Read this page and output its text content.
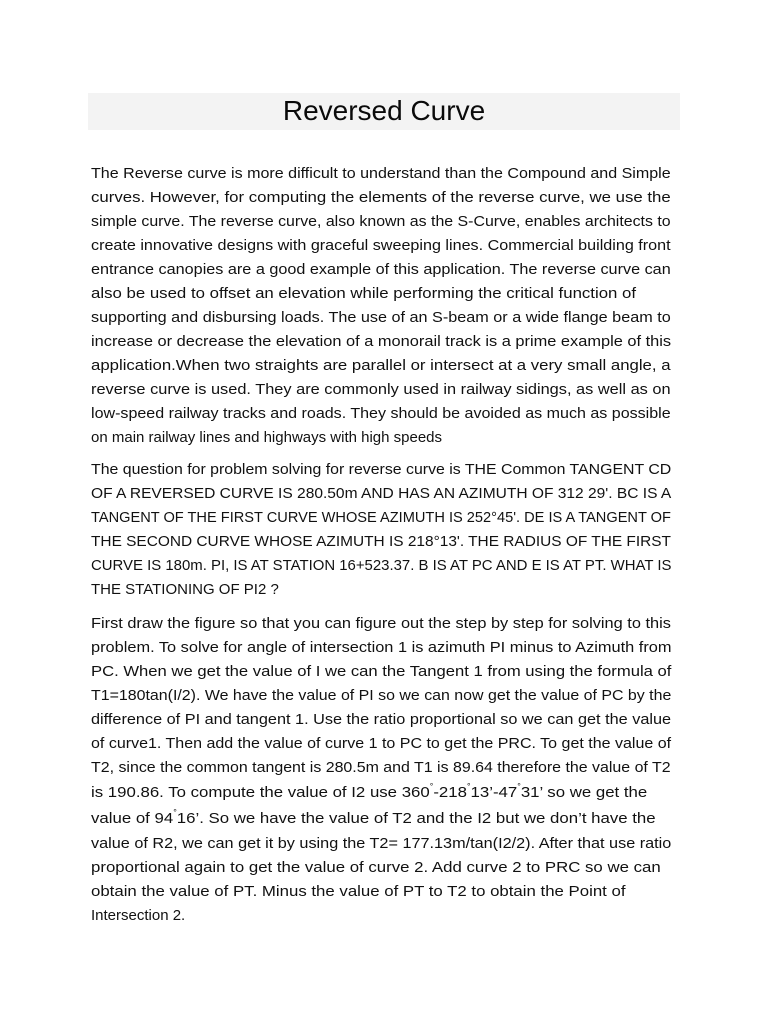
Reversed Curve
The Reverse curve is more difficult to understand than the Compound and Simple
curves. However, for computing the elements of the reverse curve, we use the
simple curve. The reverse curve, also known as the S-Curve, enables architects to
create innovative designs with graceful sweeping lines. Commercial building front
entrance canopies are a good example of this application. The reverse curve can
also be used to offset an elevation while performing the critical function of
supporting and disbursing loads. The use of an S-beam or a wide flange beam to
increase or decrease the elevation of a monorail track is a prime example of this
application.When two straights are parallel or intersect at a very small angle, a
reverse curve is used. They are commonly used in railway sidings, as well as on
low-speed railway tracks and roads. They should be avoided as much as possible
on main railway lines and highways with high speeds
The question for problem solving for reverse curve is THE Common TANGENT CD
OF A REVERSED CURVE IS 280.50m AND HAS AN AZIMUTH OF 312 29'. BC IS A
TANGENT OF THE FIRST CURVE WHOSE AZIMUTH IS 252°45'. DE IS A TANGENT OF
THE SECOND CURVE WHOSE AZIMUTH IS 218°13'. THE RADIUS OF THE FIRST
CURVE IS 180m. PI, IS AT STATION 16+523.37. B IS AT PC AND E IS AT PT. WHAT IS
THE STATIONING OF PI2 ?
First draw the figure so that you can figure out the step by step for solving to this
problem. To solve for angle of intersection 1 is azimuth PI minus to Azimuth from
PC. When we get the value of I we can the Tangent 1 from using the formula of
T1=180tan(I/2). We have the value of PI so we can now get the value of PC by the
difference of PI and tangent 1. Use the ratio proportional so we can get the value
of curve1. Then add the value of curve 1 to PC to get the PRC. To get the value of
T2, since the common tangent is 280.5m and T1 is 89.64 therefore the value of T2
is 190.86. To compute the value of I2 use 360°-218°13’-47°31’ so we get the
value of 94°16’. So we have the value of T2 and the I2 but we don’t have the
value of R2, we can get it by using the T2= 177.13m/tan(I2/2). After that use ratio
proportional again to get the value of curve 2. Add curve 2 to PRC so we can
obtain the value of PT. Minus the value of PT to T2 to obtain the Point of
Intersection 2.
